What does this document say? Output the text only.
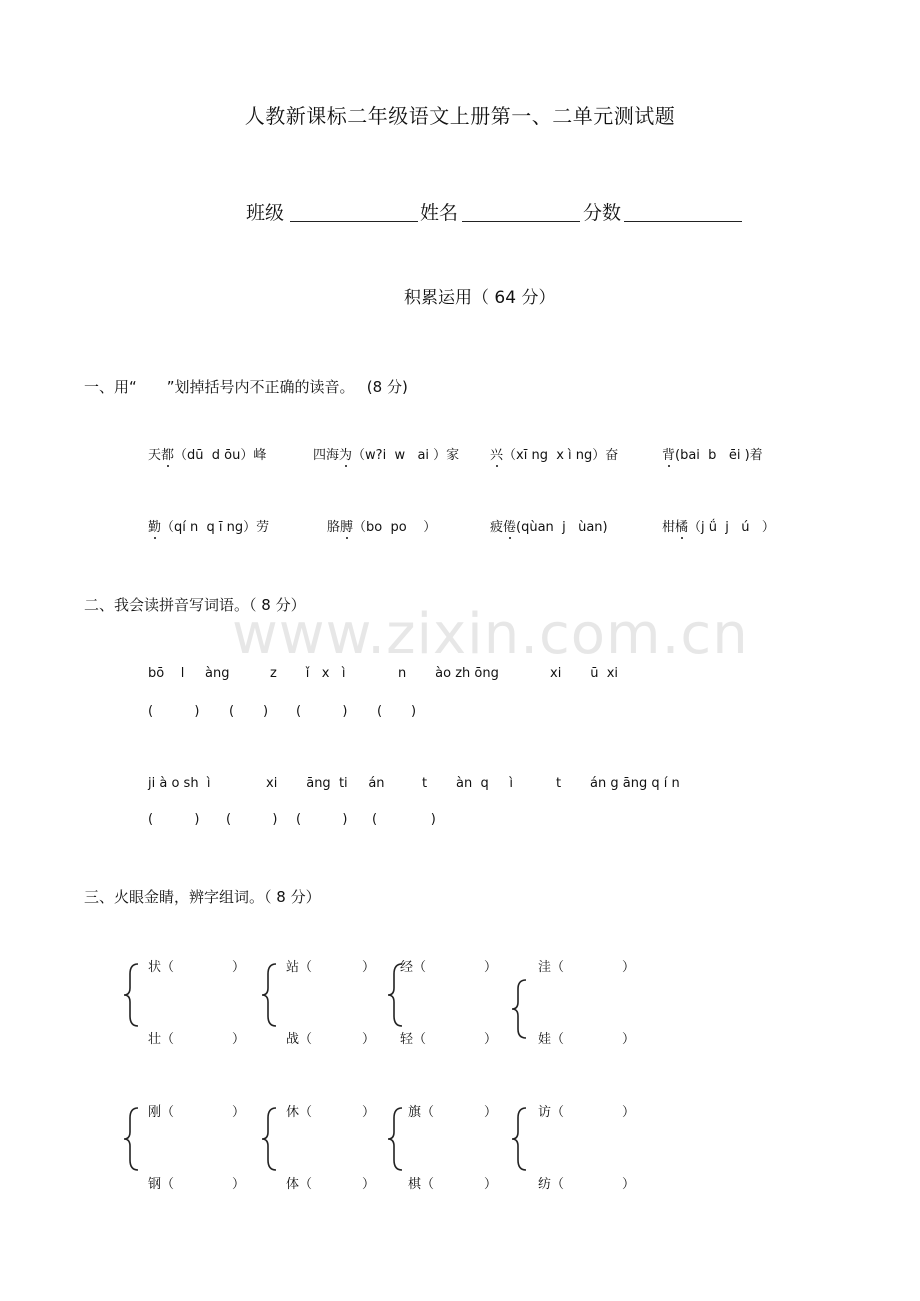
人教新课标二年级语文上册第一、二单元测试题
班级	姓名	分数
积累运用（ 64 分）
www.zixin.com.cn
一、用“　　”划掉括号内不正确的读音。　 (8 分)
天都（dū  d ōu）峰	四海为（w?i  w   ai ）家 兴（xī ng  x ì ng）奋	背(bai  b   ēi )着
勤（qí n  q ī ng）劳	胳膊（bo  po    ）	疲倦(qùan  j   ùan)	柑橘（j ǘ  j   ú   ）
二、我会读拼音写词语。（ 8 分）
bō    l     àng	z       ǐ   x   ì	n       ào zh ōng	xi       ū  xi
(          ) (       ) (          ) (       )
ji à o sh  ì	xi       āng  ti     án	t       àn  q     ì	t       án g āng q í n
(          ) (          ) (          ) (             )
三、火眼金睛，辨字组词。（ 8 分）
状（	）
壮（	）
站（	）
战（	）
经（	）
轻（	）
洼（	）
娃（	）
刚（	）
钢（	）
休（	）
体（	）
旗（	）
棋（	）
访（	）
纺（	）
